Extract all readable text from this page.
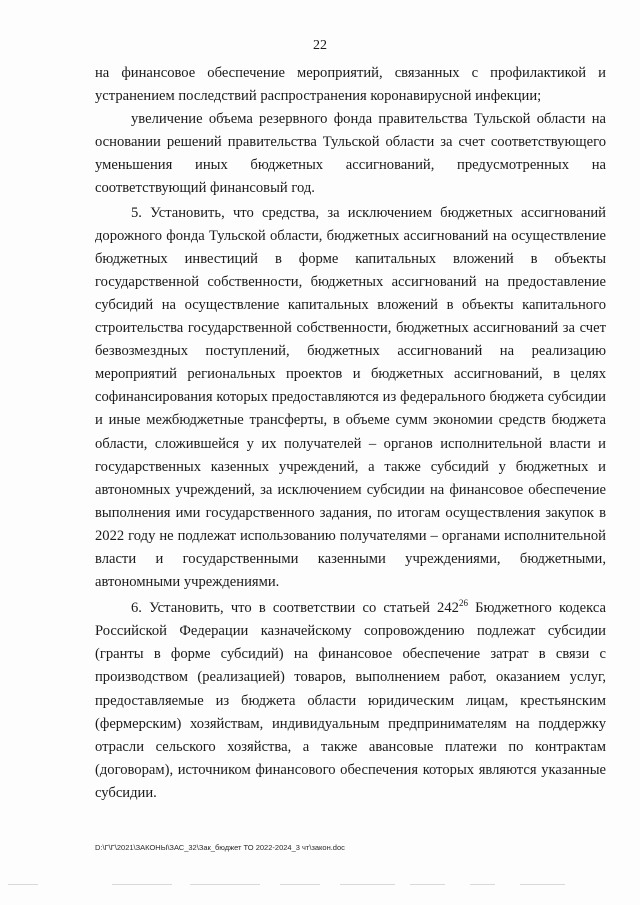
22

на финансовое обеспечение мероприятий, связанных с профилактикой и устранением последствий распространения коронавирусной инфекции;

увеличение объема резервного фонда правительства Тульской области на основании решений правительства Тульской области за счет соответствующего уменьшения иных бюджетных ассигнований, предусмотренных на соответствующий финансовый год.

5. Установить, что средства, за исключением бюджетных ассигнований дорожного фонда Тульской области, бюджетных ассигнований на осуществление бюджетных инвестиций в форме капитальных вложений в объекты государственной собственности, бюджетных ассигнований на предоставление субсидий на осуществление капитальных вложений в объекты капитального строительства государственной собственности, бюджетных ассигнований за счет безвозмездных поступлений, бюджетных ассигнований на реализацию мероприятий региональных проектов и бюджетных ассигнований, в целях софинансирования которых предоставляются из федерального бюджета субсидии и иные межбюджетные трансферты, в объеме сумм экономии средств бюджета области, сложившейся у их получателей – органов исполнительной власти и государственных казенных учреждений, а также субсидий у бюджетных и автономных учреждений, за исключением субсидии на финансовое обеспечение выполнения ими государственного задания, по итогам осуществления закупок в 2022 году не подлежат использованию получателями – органами исполнительной власти и государственными казенными учреждениями, бюджетными, автономными учреждениями.

6. Установить, что в соответствии со статьей $242^{26}$ Бюджетного кодекса Российской Федерации казначейскому сопровождению подлежат субсидии (гранты в форме субсидий) на финансовое обеспечение затрат в связи с производством (реализацией) товаров, выполнением работ, оказанием услуг, предоставляемые из бюджета области юридическим лицам, крестьянским (фермерским) хозяйствам, индивидуальным предпринимателям на поддержку отрасли сельского хозяйства, а также авансовые платежи по контрактам (договорам), источником финансового обеспечения которых являются указанные субсидии.

D:\Г\Г\2021\ЗАКОНЫ\ЗАС_32\Зак_бюджет ТО 2022-2024_3 чт\закон.doc
